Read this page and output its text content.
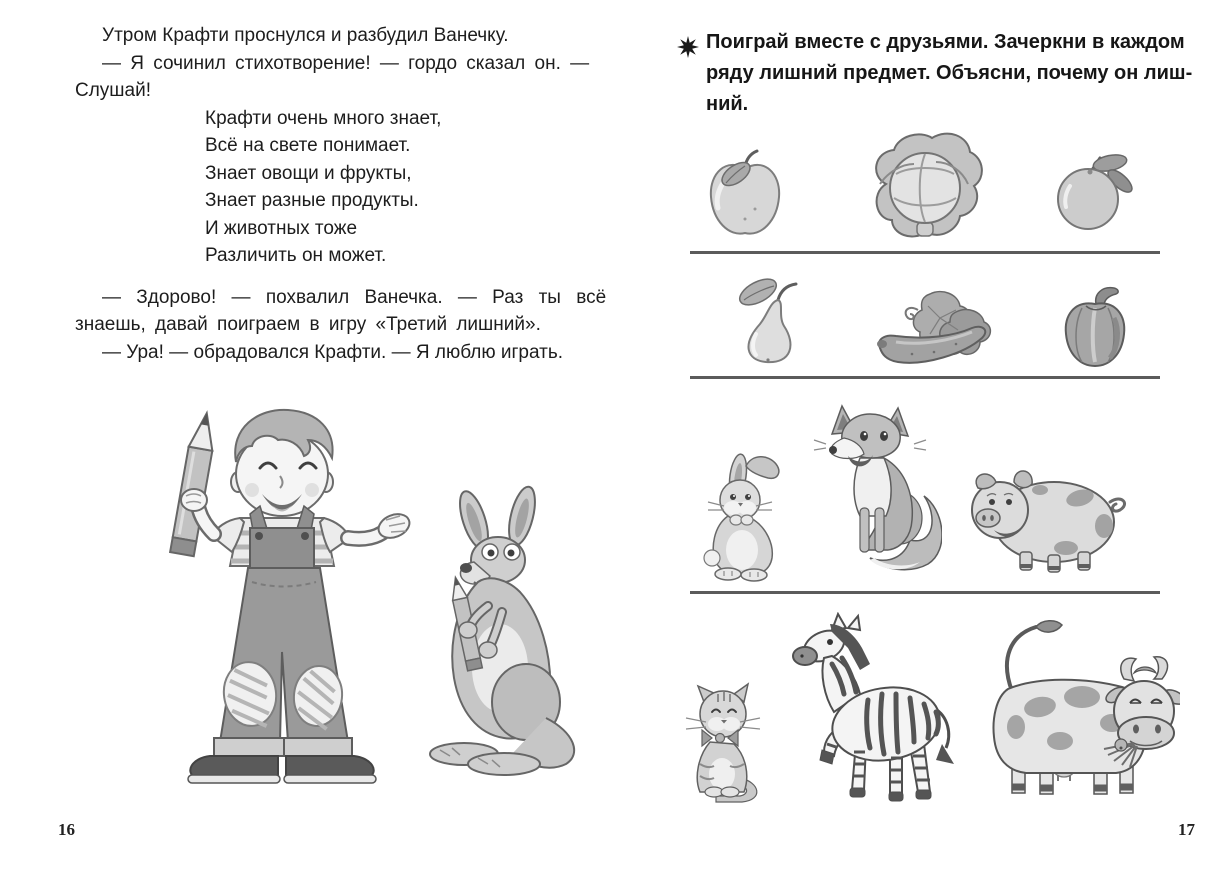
Утром Крафти проснулся и разбудил Ванечку.
— Я сочинил стихотворение! — гордо сказал он. —
Слушай!
Крафти очень много знает,
Всё на свете понимает.
Знает овощи и фрукты,
Знает разные продукты.
И животных тоже
Различить он может.
— Здорово! — похвалил Ванечка. — Раз ты всё
знаешь, давай поиграем в игру «Третий лишний».
— Ура! — обрадовался Крафти. — Я люблю играть.
16
Поиграй вместе с друзьями. Зачеркни в каждом
ряду лишний предмет. Объясни, почему он лиш-
ний.
17
